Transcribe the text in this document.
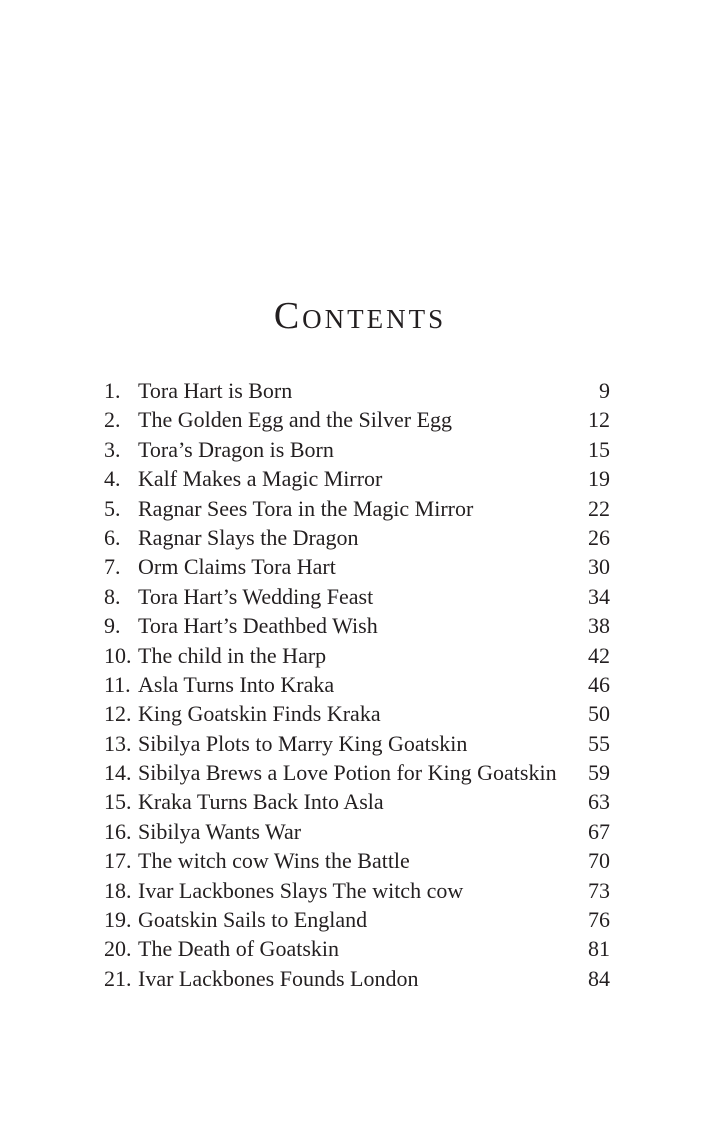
Contents
1. Tora Hart is Born	9
2. The Golden Egg and the Silver Egg	12
3. Tora’s Dragon is Born	15
4. Kalf Makes a Magic Mirror	19
5. Ragnar Sees Tora in the Magic Mirror	22
6. Ragnar Slays the Dragon	26
7. Orm Claims Tora Hart	30
8. Tora Hart’s Wedding Feast	34
9. Tora Hart’s Deathbed Wish	38
10. The child in the Harp	42
11. Asla Turns Into Kraka	46
12. King Goatskin Finds Kraka	50
13. Sibilya Plots to Marry King Goatskin	55
14. Sibilya Brews a Love Potion for King Goatskin	59
15. Kraka Turns Back Into Asla	63
16. Sibilya Wants War	67
17. The witch cow Wins the Battle	70
18. Ivar Lackbones Slays The witch cow	73
19. Goatskin Sails to England	76
20. The Death of Goatskin	81
21. Ivar Lackbones Founds London	84
